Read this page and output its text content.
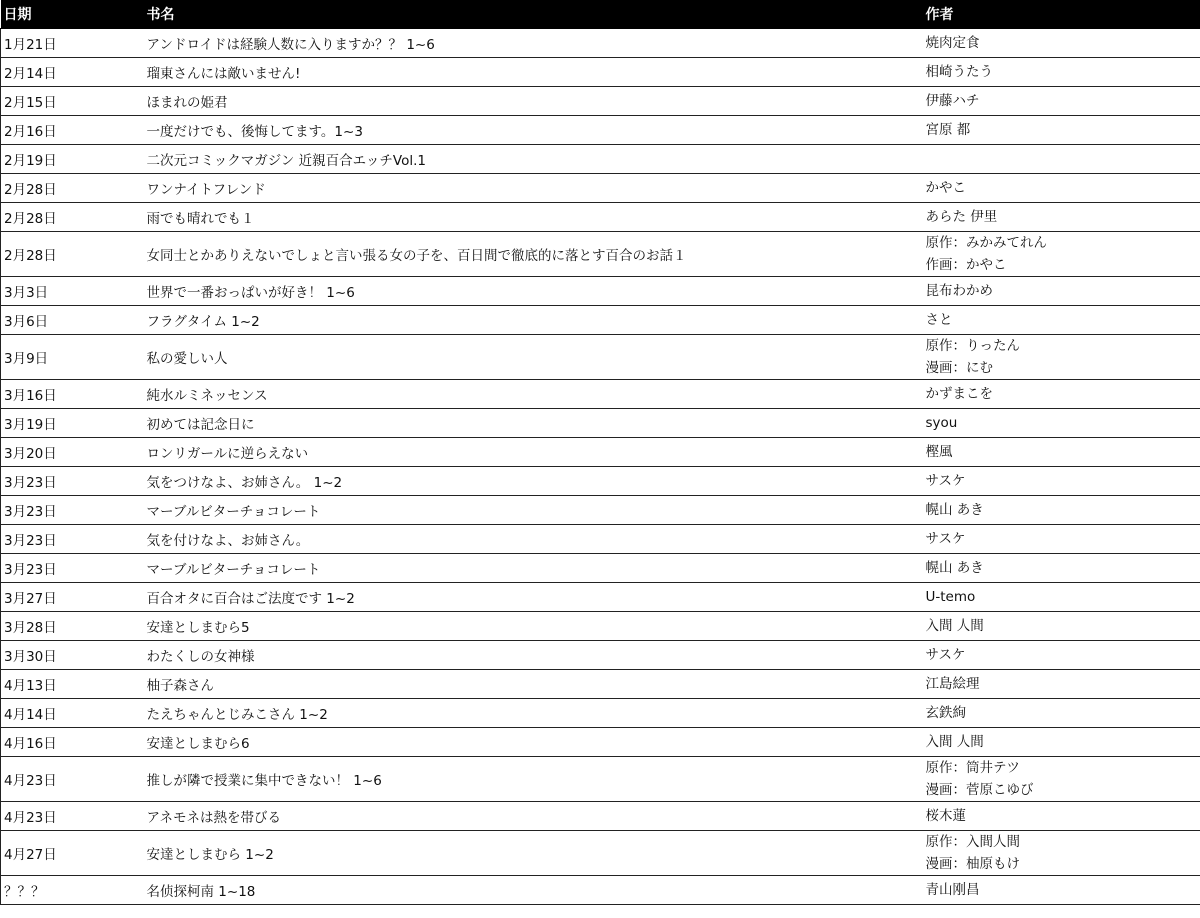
日期	书名	作者
1月21日	アンドロイドは経験人数に入りますか？？ 1~6	焼肉定食

2月14日	瑠東さんには敵いません!	相崎うたう

2月15日	ほまれの姫君	伊藤ハチ

2月16日	一度だけでも、後悔してます。1~3	宮原 都

2月19日	二次元コミックマガジン 近親百合エッチVol.1	
2月28日	ワンナイトフレンド	かやこ

2月28日	雨でも晴れでも１	あらた 伊里

2月28日	女同士とかありえないでしょと言い張る女の子を、百日間で徹底的に落とす百合のお話１	原作：みかみてれん
作画：かやこ

3月3日	世界で一番おっぱいが好き！ 1~6	昆布わかめ

3月6日	フラグタイム 1~2	さと

3月9日	私の愛しい人	原作：りったん
漫画：にむ

3月16日	純水ルミネッセンス	かずまこを

3月19日	初めては記念日に	syou

3月20日	ロンリガールに逆らえない	樫風

3月23日	気をつけなよ、お姉さん。 1~2	サスケ

3月23日	マーブルビターチョコレート	幌山 あき

3月23日	気を付けなよ、お姉さん。	サスケ

3月23日	マーブルビターチョコレート	幌山 あき

3月27日	百合オタに百合はご法度です 1~2	U-temo

3月28日	安達としまむら5	入間 人間

3月30日	わたくしの女神様	サスケ

4月13日	柚子森さん	江島絵理

4月14日	たえちゃんとじみこさん 1~2	玄鉄絢

4月16日	安達としまむら6	入間 人間

4月23日	推しが隣で授業に集中できない！ 1~6	原作：筒井テツ
漫画：菅原こゆび

4月23日	アネモネは熱を帯びる	桜木蓮

4月27日	安達としまむら 1~2	原作：入間人間
漫画：柚原もけ

？？？	名侦探柯南 1~18	青山刚昌
